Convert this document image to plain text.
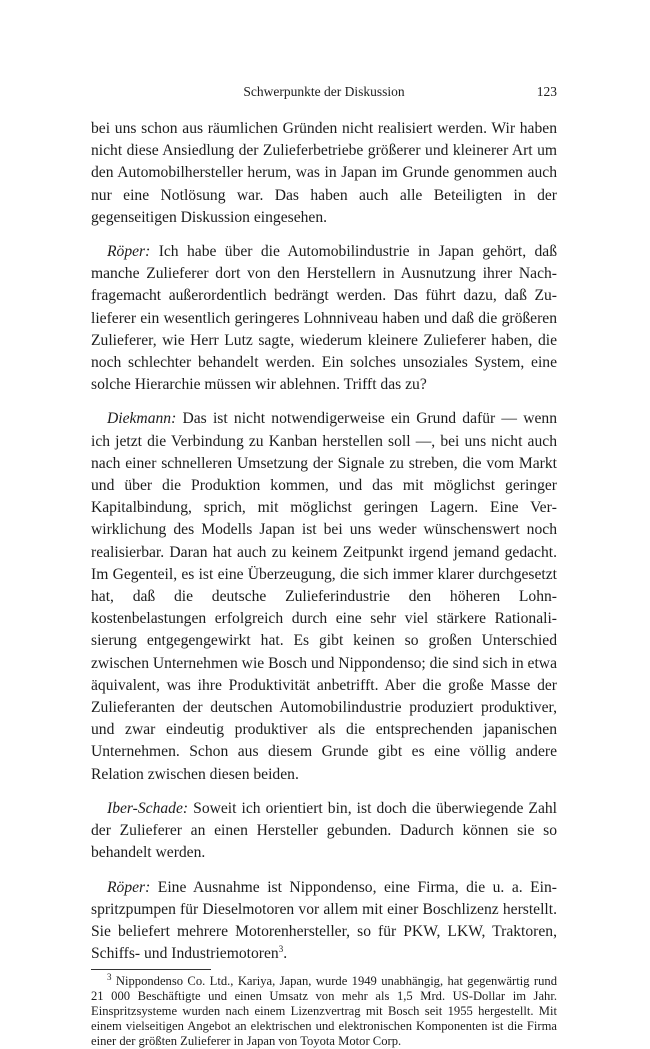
Schwerpunkte der Diskussion	123

bei uns schon aus räumlichen Gründen nicht realisiert werden. Wir haben nicht diese Ansiedlung der Zulieferbetriebe größerer und kleinerer Art um den Automobilhersteller herum, was in Japan im Grunde genommen auch nur eine Notlösung war. Das haben auch alle Beteiligten in der gegenseitigen Diskussion eingesehen.

Röper: Ich habe über die Automobilindustrie in Japan gehört, daß manche Zulieferer dort von den Herstellern in Ausnutzung ihrer Nachfragemacht außerordentlich bedrängt werden. Das führt dazu, daß Zulieferer ein wesentlich geringeres Lohnniveau haben und daß die größeren Zulieferer, wie Herr Lutz sagte, wiederum kleinere Zulieferer haben, die noch schlechter behandelt werden. Ein solches unsoziales System, eine solche Hierarchie müssen wir ablehnen. Trifft das zu?

Diekmann: Das ist nicht notwendigerweise ein Grund dafür — wenn ich jetzt die Verbindung zu Kanban herstellen soll —, bei uns nicht auch nach einer schnelleren Umsetzung der Signale zu streben, die vom Markt und über die Produktion kommen, und das mit möglichst geringer Kapitalbindung, sprich, mit möglichst geringen Lagern. Eine Verwirklichung des Modells Japan ist bei uns weder wünschenswert noch realisierbar. Daran hat auch zu keinem Zeitpunkt irgend jemand gedacht. Im Gegenteil, es ist eine Überzeugung, die sich immer klarer durchgesetzt hat, daß die deutsche Zulieferindustrie den höheren Lohnkostenbelastungen erfolgreich durch eine sehr viel stärkere Rationalisierung entgegengewirkt hat. Es gibt keinen so großen Unterschied zwischen Unternehmen wie Bosch und Nippondenso; die sind sich in etwa äquivalent, was ihre Produktivität anbetrifft. Aber die große Masse der Zulieferanten der deutschen Automobilindustrie produziert produktiver, und zwar eindeutig produktiver als die entsprechenden japanischen Unternehmen. Schon aus diesem Grunde gibt es eine völlig andere Relation zwischen diesen beiden.

Iber-Schade: Soweit ich orientiert bin, ist doch die überwiegende Zahl der Zulieferer an einen Hersteller gebunden. Dadurch können sie so behandelt werden.

Röper: Eine Ausnahme ist Nippondenso, eine Firma, die u. a. Einspritzpumpen für Dieselmotoren vor allem mit einer Boschlizenz herstellt. Sie beliefert mehrere Motorenhersteller, so für PKW, LKW, Traktoren, Schiffs- und Industriemotoren$^3$.

$^3$ Nippondenso Co. Ltd., Kariya, Japan, wurde 1949 unabhängig, hat gegenwärtig rund 21 000 Beschäftigte und einen Umsatz von mehr als 1,5 Mrd. US-Dollar im Jahr. Einspritzsysteme wurden nach einem Lizenzvertrag mit Bosch seit 1955 hergestellt. Mit einem vielseitigen Angebot an elektrischen und elektronischen Komponenten ist die Firma einer der größten Zulieferer in Japan von Toyota Motor Corp.
